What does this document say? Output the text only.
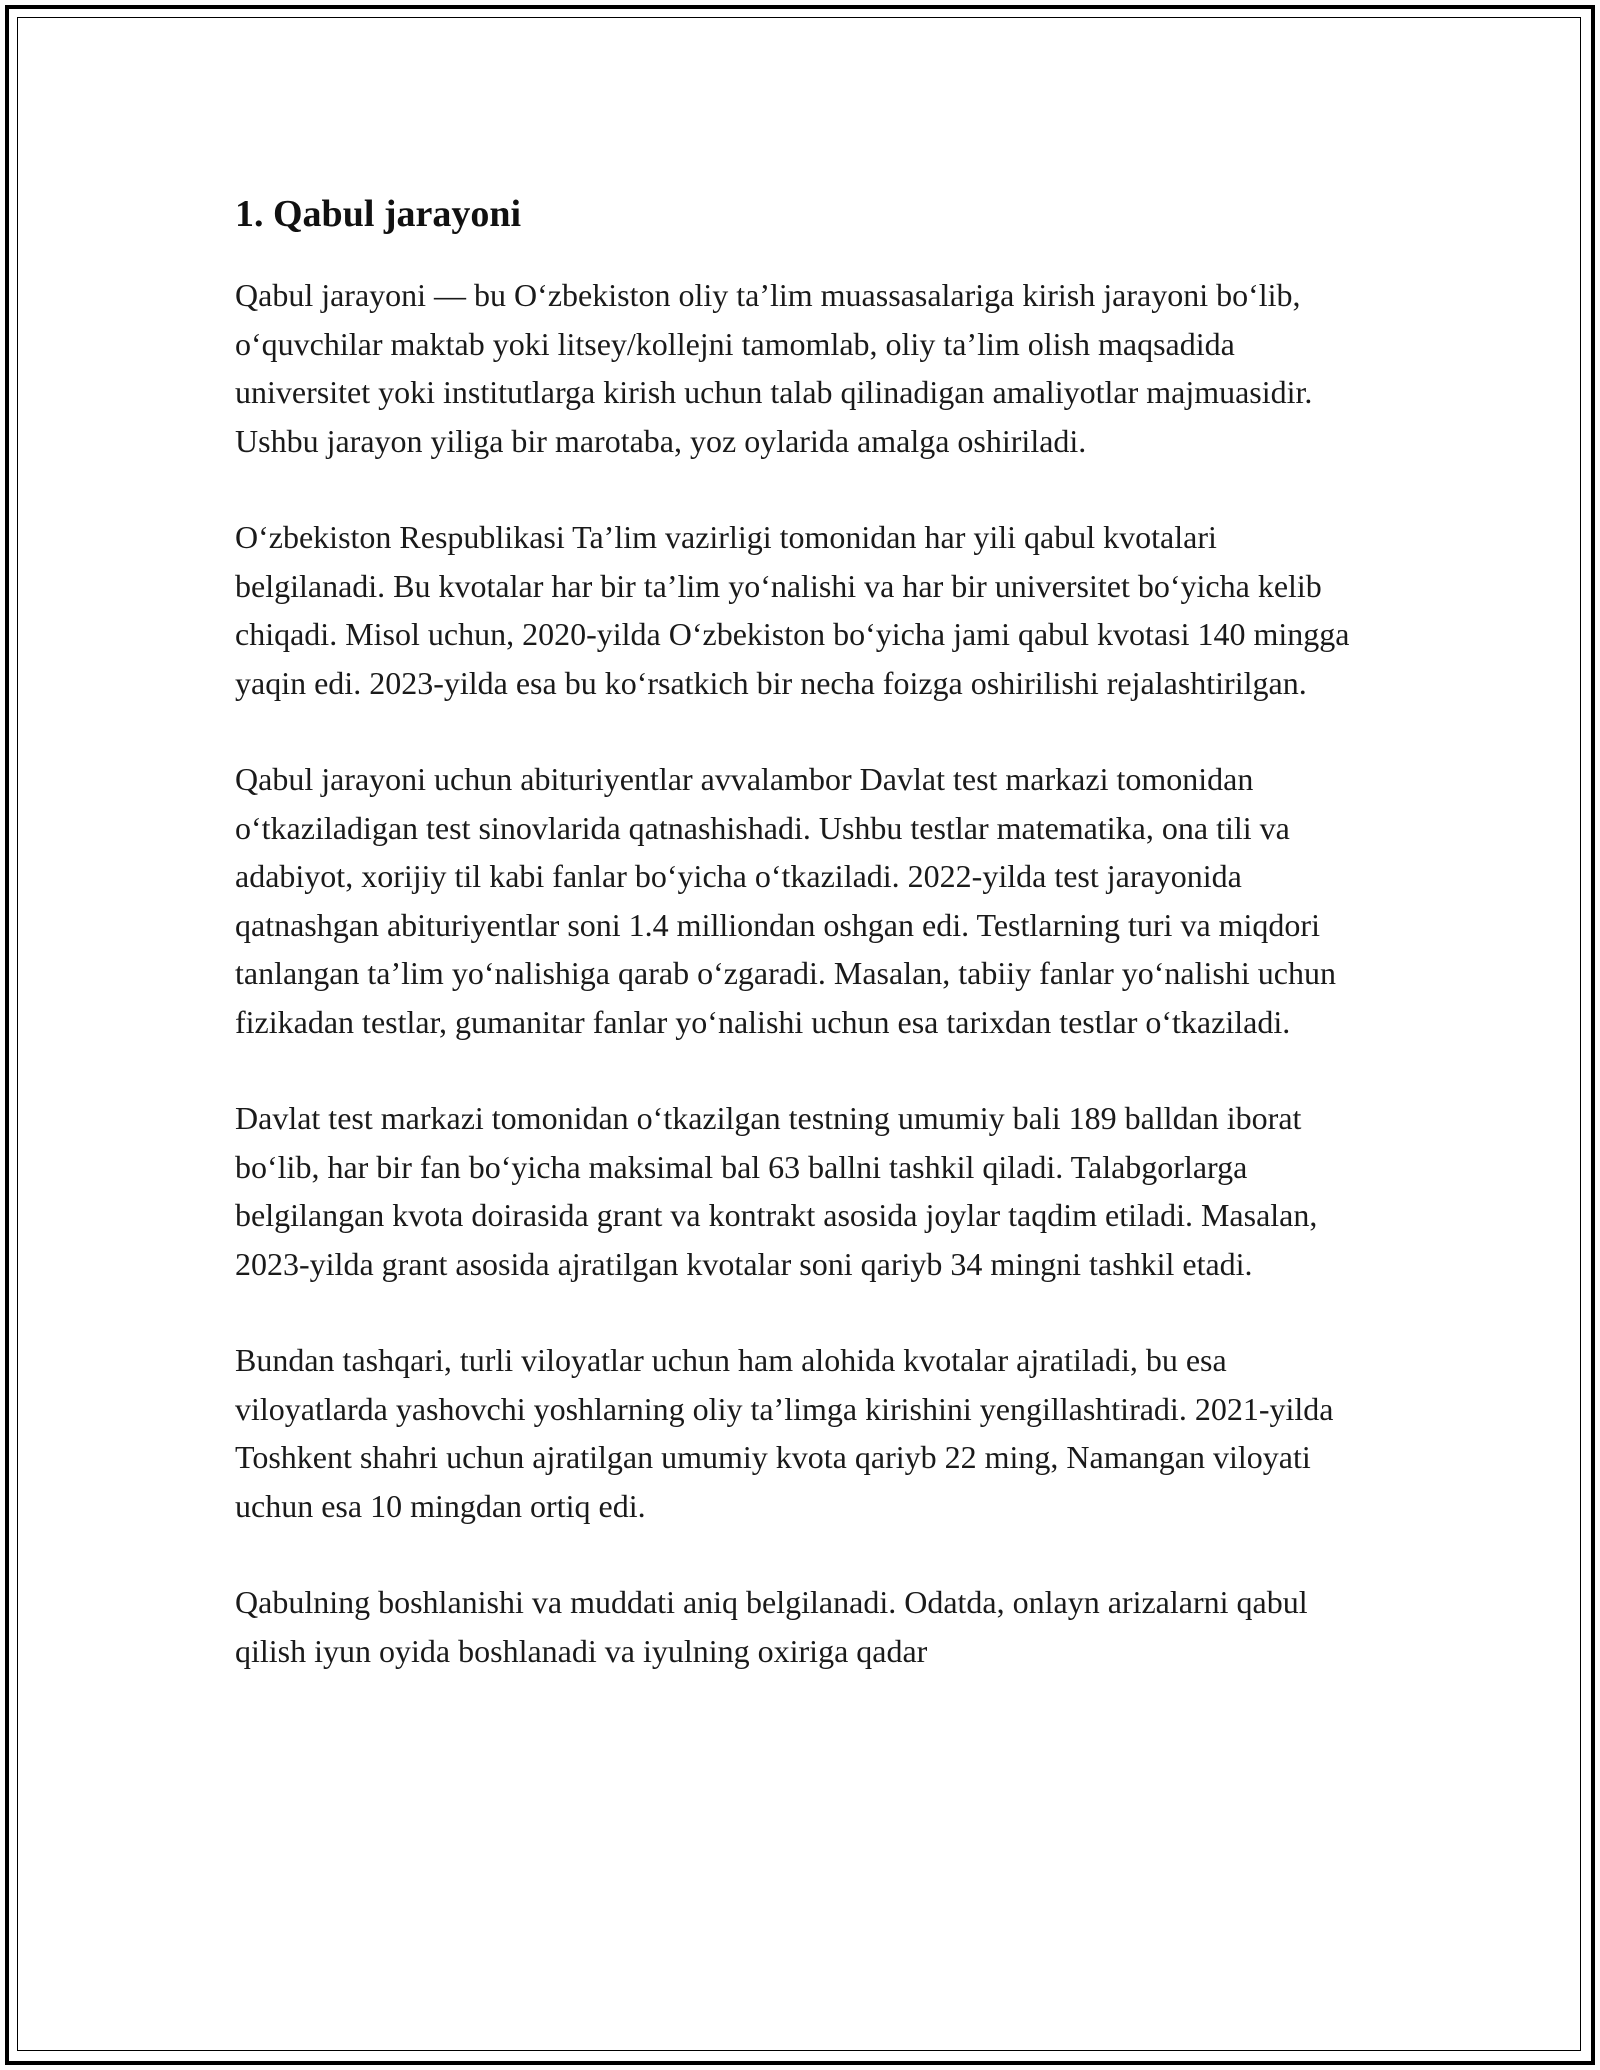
1. Qabul jarayoni

Qabul jarayoni — bu O‘zbekiston oliy ta’lim muassasalariga kirish jarayoni bo‘lib, o‘quvchilar maktab yoki litsey/kollejni tamomlab, oliy ta’lim olish maqsadida universitet yoki institutlarga kirish uchun talab qilinadigan amaliyotlar majmuasidir. Ushbu jarayon yiliga bir marotaba, yoz oylarida amalga oshiriladi.

O‘zbekiston Respublikasi Ta’lim vazirligi tomonidan har yili qabul kvotalari belgilanadi. Bu kvotalar har bir ta’lim yo‘nalishi va har bir universitet bo‘yicha kelib chiqadi. Misol uchun, 2020-yilda O‘zbekiston bo‘yicha jami qabul kvotasi 140 mingga yaqin edi. 2023-yilda esa bu ko‘rsatkich bir necha foizga oshirilishi rejalashtirilgan.

Qabul jarayoni uchun abituriyentlar avvalambor Davlat test markazi tomonidan o‘tkaziladigan test sinovlarida qatnashishadi. Ushbu testlar matematika, ona tili va adabiyot, xorijiy til kabi fanlar bo‘yicha o‘tkaziladi. 2022-yilda test jarayonida qatnashgan abituriyentlar soni 1.4 milliondan oshgan edi. Testlarning turi va miqdori tanlangan ta’lim yo‘nalishiga qarab o‘zgaradi. Masalan, tabiiy fanlar yo‘nalishi uchun fizikadan testlar, gumanitar fanlar yo‘nalishi uchun esa tarixdan testlar o‘tkaziladi.

Davlat test markazi tomonidan o‘tkazilgan testning umumiy bali 189 balldan iborat bo‘lib, har bir fan bo‘yicha maksimal bal 63 ballni tashkil qiladi. Talabgorlarga belgilangan kvota doirasida grant va kontrakt asosida joylar taqdim etiladi. Masalan, 2023-yilda grant asosida ajratilgan kvotalar soni qariyb 34 mingni tashkil etadi.

Bundan tashqari, turli viloyatlar uchun ham alohida kvotalar ajratiladi, bu esa viloyatlarda yashovchi yoshlarning oliy ta’limga kirishini yengillashtiradi. 2021-yilda Toshkent shahri uchun ajratilgan umumiy kvota qariyb 22 ming, Namangan viloyati uchun esa 10 mingdan ortiq edi.

Qabulning boshlanishi va muddati aniq belgilanadi. Odatda, onlayn arizalarni qabul qilish iyun oyida boshlanadi va iyulning oxiriga qadar
